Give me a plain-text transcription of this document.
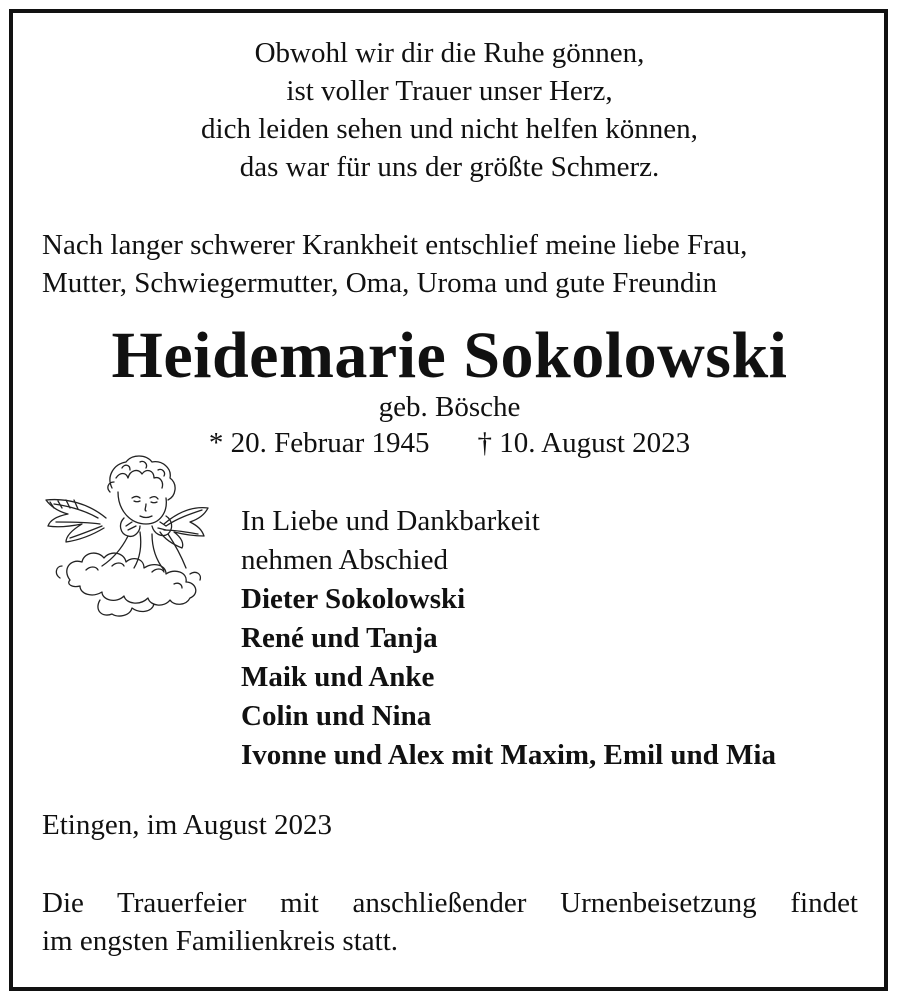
Obwohl wir dir die Ruhe gönnen,
ist voller Trauer unser Herz,
dich leiden sehen und nicht helfen können,
das war für uns der größte Schmerz.
Nach langer schwerer Krankheit entschlief meine liebe Frau,
Mutter, Schwiegermutter, Oma, Uroma und gute Freundin
Heidemarie Sokolowski
geb. Bösche
* 20. Februar 1945 † 10. August 2023
In Liebe und Dankbarkeit
nehmen Abschied
Dieter Sokolowski
René und Tanja
Maik und Anke
Colin und Nina
Ivonne und Alex mit Maxim, Emil und Mia
Etingen, im August 2023
Die Trauerfeier mit anschließender Urnenbeisetzung findet
im engsten Familienkreis statt.
